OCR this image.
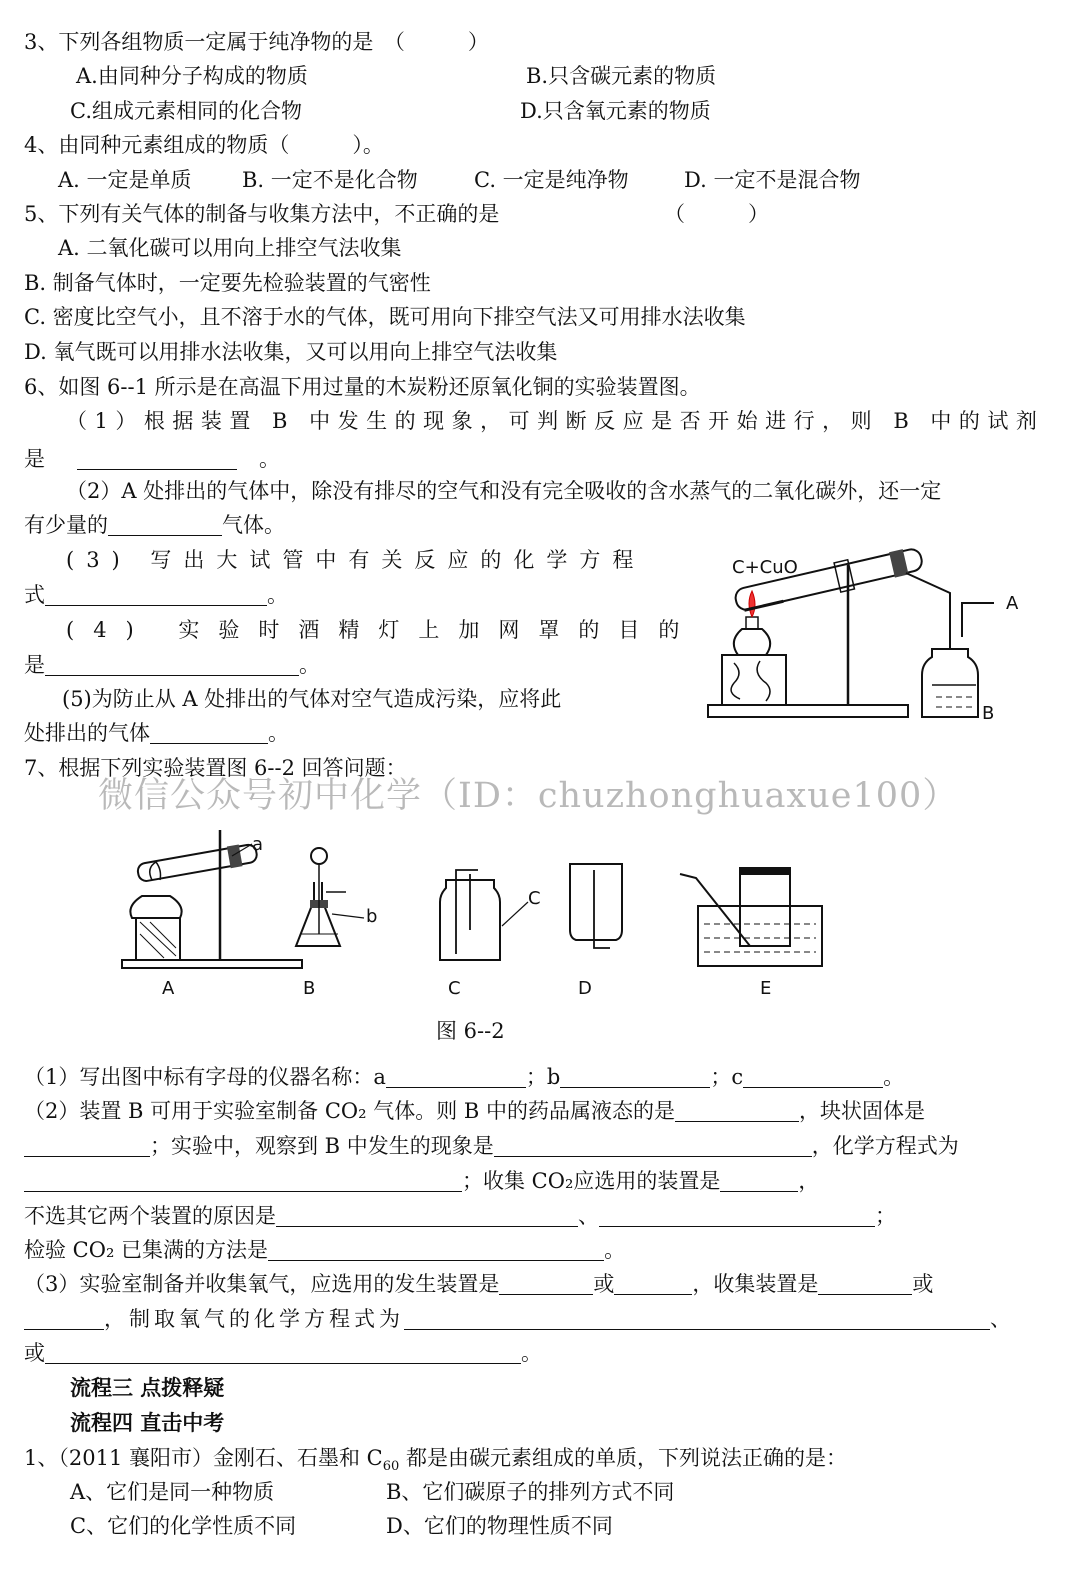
3、下列各组物质一定属于纯净物的是　（　　　）
A.由同种分子构成的物质	B.只含碳元素的物质
C.组成元素相同的化合物	D.只含氧元素的物质
4、由同种元素组成的物质（　　　）。
A. 一定是单质 B. 一定不是化合物	C. 一定是纯净物	D. 一定不是混合物
5、下列有关气体的制备与收集方法中，不正确的是	（　　　）
A. 二氧化碳可以用向上排空气法收集
B. 制备气体时，一定要先检验装置的气密性
C. 密度比空气小，且不溶于水的气体，既可用向下排空气法又可用排水法收集
D. 氧气既可以用排水法收集，又可以用向上排空气法收集
6、如图 6--1 所示是在高温下用过量的木炭粉还原氧化铜的实验装置图。
（1）根据装置 B 中发生的现象，可判断反应是否开始进行，则 B 中的试剂
是	。
（2）A 处排出的气体中，除没有排尽的空气和没有完全吸收的含水蒸气的二氧化碳外，还一定
有少量的	气体。
(3) 写出大试管中有关反应的化学方程
式	。
(4) 实验时酒精灯上加网罩的目的
是	。
(5)为防止从 A 处排出的气体对空气造成污染，应将此
处排出的气体	。
C+CuO
A
B
7、根据下列实验装置图 6--2 回答问题：
微信公众号初中化学（ID：chuzhonghuaxue100）
a
A
b
B
C
C	D	E
图 6--2
（1）写出图中标有字母的仪器名称：a	；b	；c	。
（2）装置 B 可用于实验室制备 CO₂ 气体。则 B 中的药品属液态的是	，块状固体是
；实验中，观察到 B 中发生的现象是	，化学方程式为
；收集 CO₂应选用的装置是	，
不选其它两个装置的原因是	、	；
检验 CO₂ 已集满的方法是	。
（3）实验室制备并收集氧气，应选用的发生装置是	或	，收集装置是	或
，制取氧气的化学方程式为	、
或	。
流程三 点拨释疑
流程四 直击中考
1、（2011 襄阳市）金刚石、石墨和 $C_{60}$ 都是由碳元素组成的单质，下列说法正确的是：
A、它们是同一种物质	B、它们碳原子的排列方式不同
C、它们的化学性质不同	D、它们的物理性质不同
